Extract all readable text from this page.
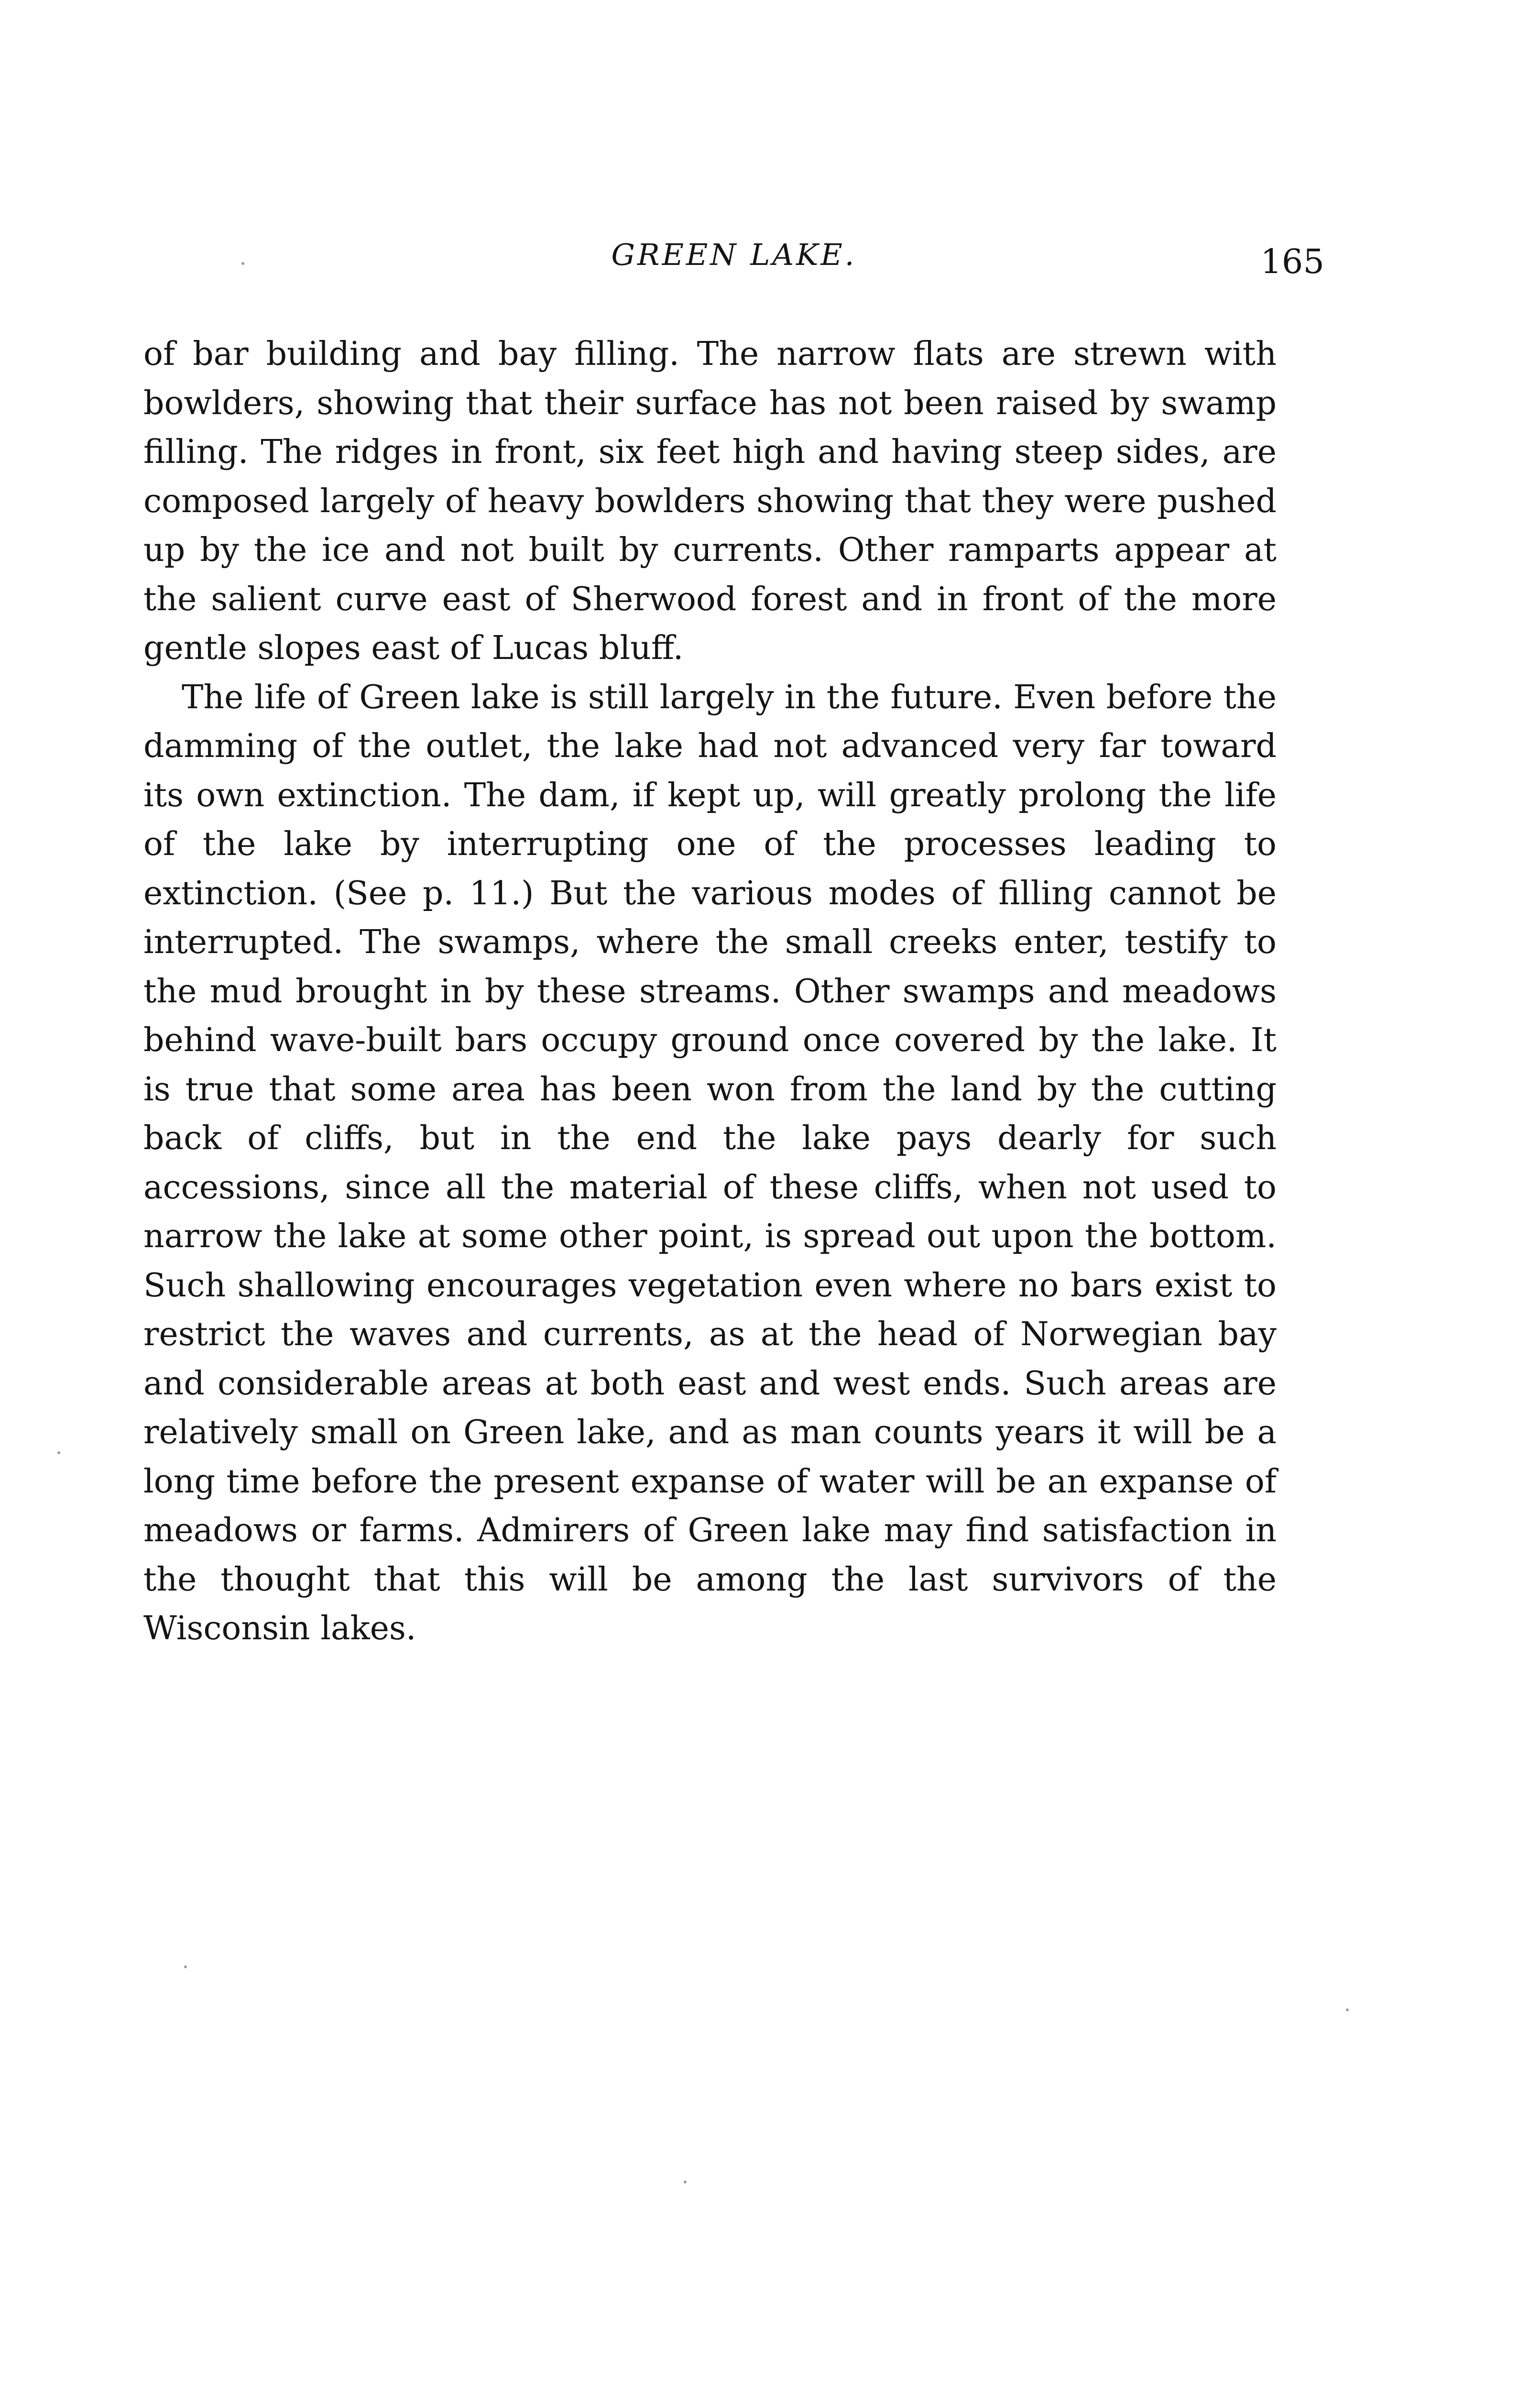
GREEN LAKE.	165

of bar building and bay filling. The narrow flats are strewn with bowlders, showing that their surface has not been raised by swamp filling. The ridges in front, six feet high and having steep sides, are composed largely of heavy bowlders showing that they were pushed up by the ice and not built by currents. Other ramparts appear at the salient curve east of Sherwood forest and in front of the more gentle slopes east of Lucas bluff.

The life of Green lake is still largely in the future. Even before the damming of the outlet, the lake had not advanced very far toward its own extinction. The dam, if kept up, will greatly prolong the life of the lake by interrupting one of the processes leading to extinction. (See p. 11.) But the various modes of filling cannot be interrupted. The swamps, where the small creeks enter, testify to the mud brought in by these streams. Other swamps and meadows behind wave-built bars occupy ground once covered by the lake. It is true that some area has been won from the land by the cutting back of cliffs, but in the end the lake pays dearly for such accessions, since all the material of these cliffs, when not used to narrow the lake at some other point, is spread out upon the bottom. Such shallowing encourages vegetation even where no bars exist to restrict the waves and currents, as at the head of Norwegian bay and considerable areas at both east and west ends. Such areas are relatively small on Green lake, and as man counts years it will be a long time before the present expanse of water will be an expanse of meadows or farms. Admirers of Green lake may find satisfaction in the thought that this will be among the last survivors of the Wisconsin lakes.
